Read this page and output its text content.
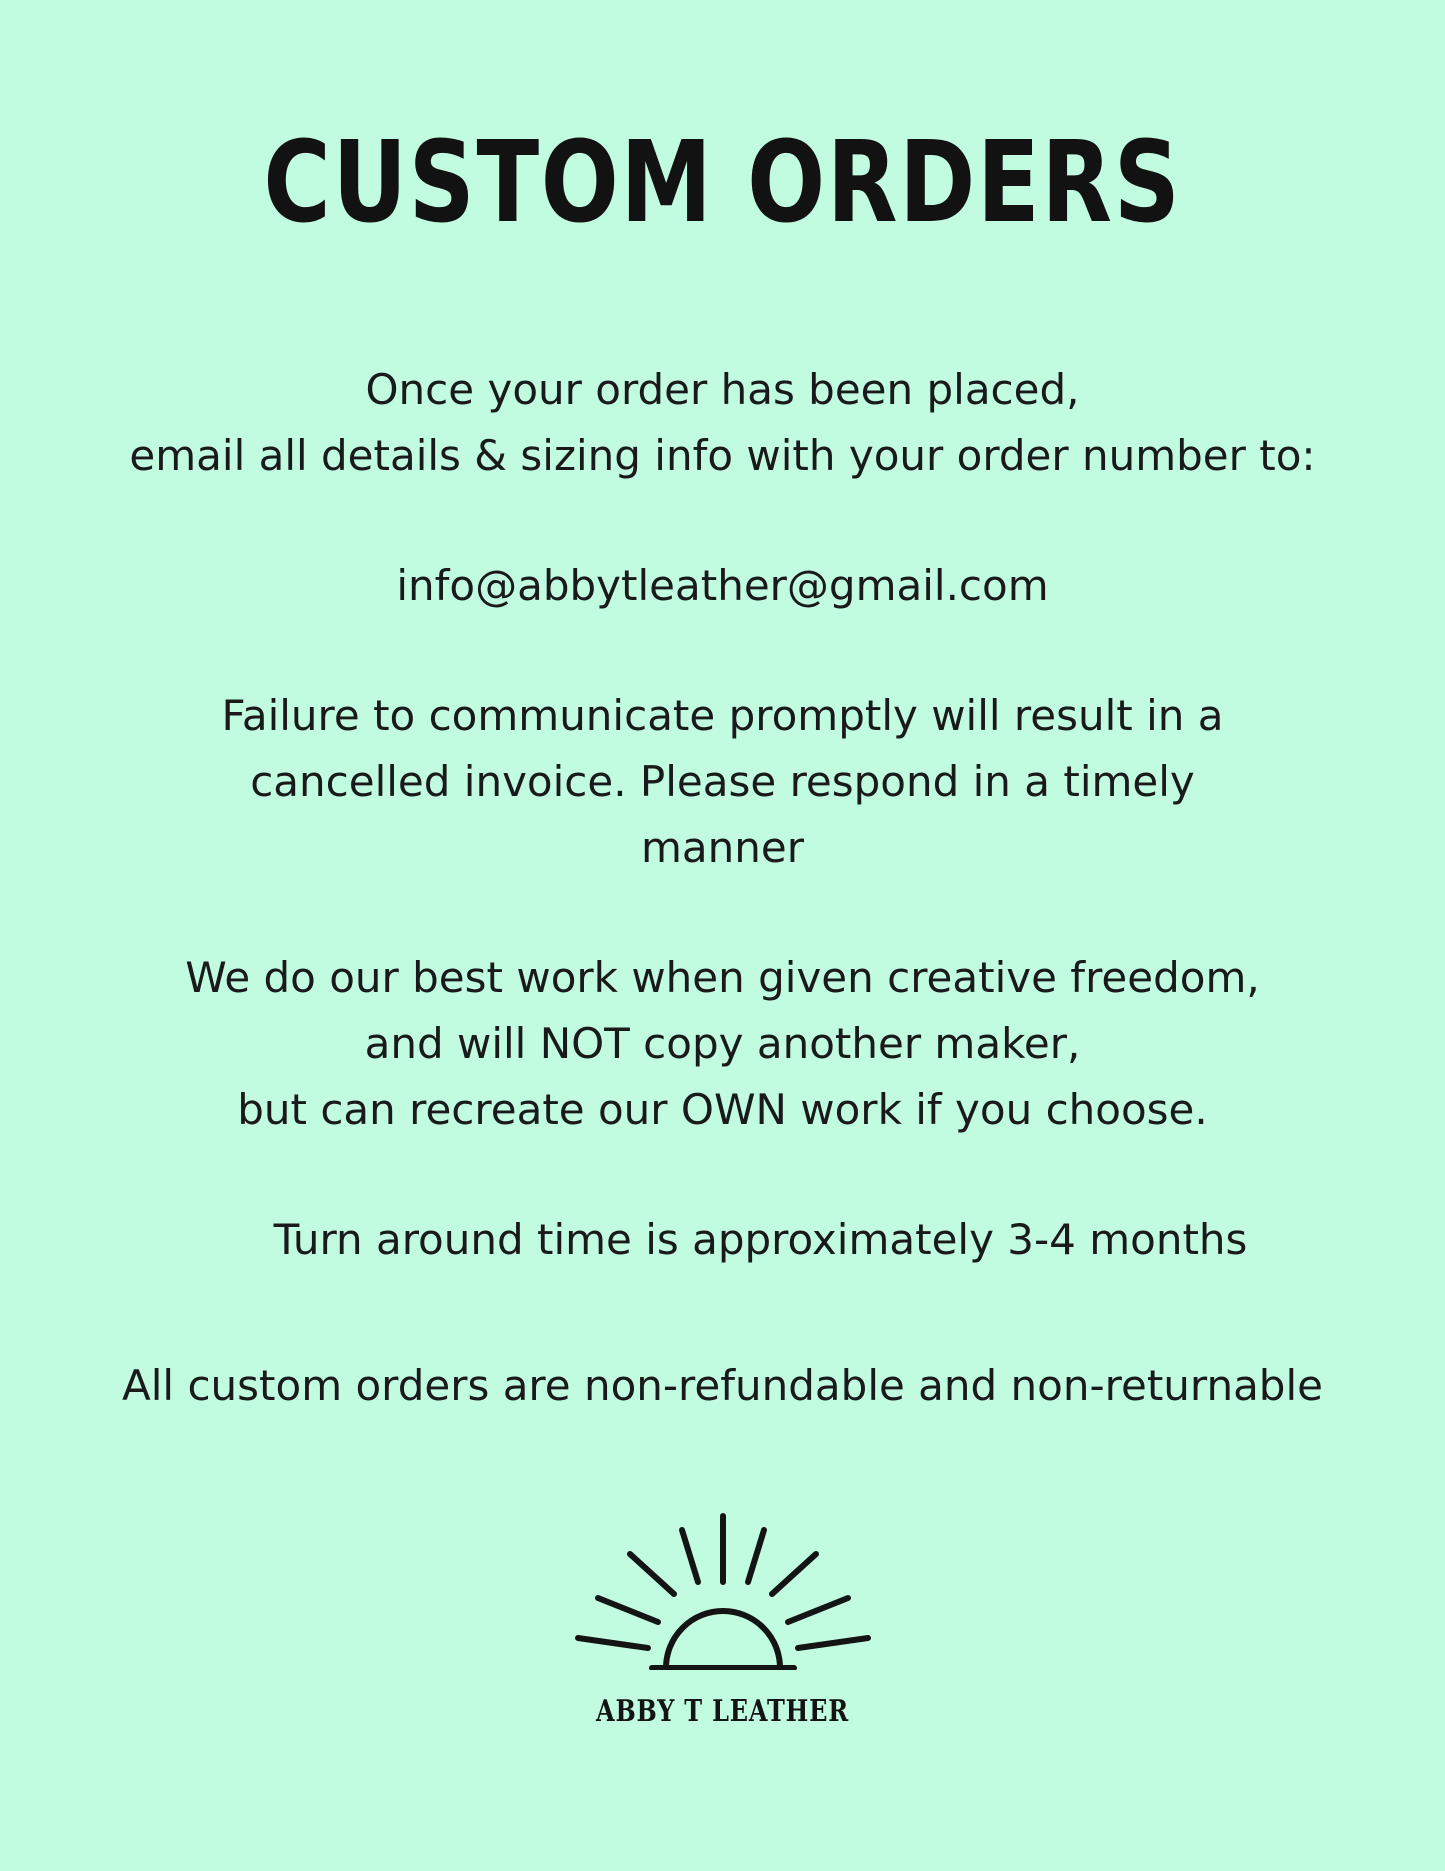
CUSTOM ORDERS
Once your order has been placed,
email all details & sizing info with your order number to:
info@abbytleather@gmail.com
Failure to communicate promptly will result in a
cancelled invoice. Please respond in a timely
manner
We do our best work when given creative freedom,
and will NOT copy another maker,
but can recreate our OWN work if you choose.
Turn around time is approximately 3-4 months
All custom orders are non-refundable and non-returnable
ABBY T LEATHER
